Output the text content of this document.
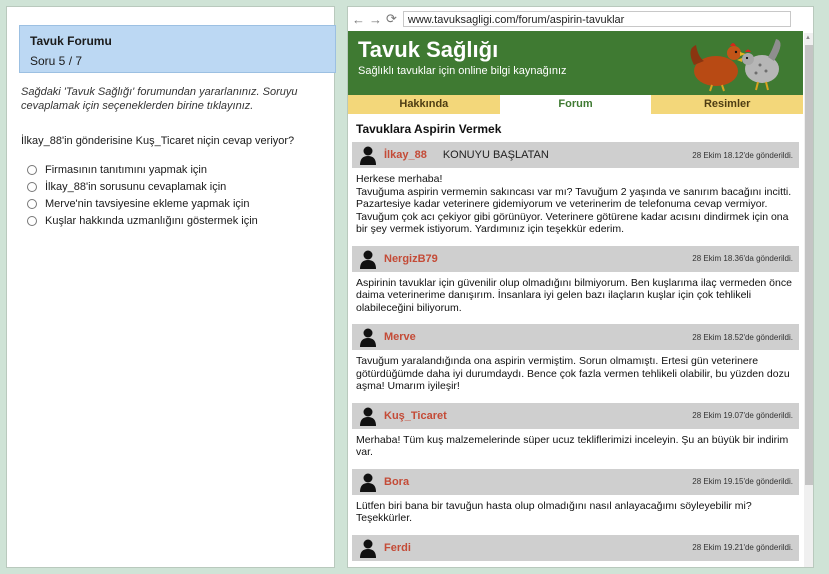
Tavuk Forumu
Soru 5 / 7
Sağdaki 'Tavuk Sağlığı' forumundan yararlanınız. Soruyu cevaplamak için seçeneklerden birine tıklayınız.
İlkay_88'in gönderisine Kuş_Ticaret niçin cevap veriyor?
Firmasının tanıtımını yapmak için
İlkay_88'in sorusunu cevaplamak için
Merve'nin tavsiyesine ekleme yapmak için
Kuşlar hakkında uzmanlığını göstermek için
← → ⟳	www.tavuksagligi.com/forum/aspirin-tavuklar
Tavuk Sağlığı
Sağlıklı tavuklar için online bilgi kaynağınız
Hakkında	Forum	Resimler
Tavuklara Aspirin Vermek
İlkay_88 KONUYU BAŞLATAN	28 Ekim 18.12'de gönderildi.
Herkese merhaba!
Tavuğuma aspirin vermemin sakıncası var mı? Tavuğum 2 yaşında ve sanırım bacağını incitti. Pazartesiye kadar veterinere gidemiyorum ve veterinerim de telefonuma cevap vermiyor. Tavuğum çok acı çekiyor gibi görünüyor. Veterinere götürene kadar acısını dindirmek için ona bir şey vermek istiyorum. Yardımınız için teşekkür ederim.
NergizB79	28 Ekim 18.36'da gönderildi.
Aspirinin tavuklar için güvenilir olup olmadığını bilmiyorum. Ben kuşlarıma ilaç vermeden önce daima veterinerime danışırım. İnsanlara iyi gelen bazı ilaçların kuşlar için çok tehlikeli olabileceğini biliyorum.
Merve	28 Ekim 18.52'de gönderildi.
Tavuğum yaralandığında ona aspirin vermiştim. Sorun olmamıştı. Ertesi gün veterinere götürdüğümde daha iyi durumdaydı. Bence çok fazla vermen tehlikeli olabilir, bu yüzden dozu aşma! Umarım iyileşir!
Kuş_Ticaret	28 Ekim 19.07'de gönderildi.
Merhaba! Tüm kuş malzemelerinde süper ucuz tekliflerimizi inceleyin. Şu an büyük bir indirim var.
Bora	28 Ekim 19.15'de gönderildi.
Lütfen biri bana bir tavuğun hasta olup olmadığını nasıl anlayacağımı söyleyebilir mi? Teşekkürler.
Ferdi	28 Ekim 19.21'de gönderildi.
▲
